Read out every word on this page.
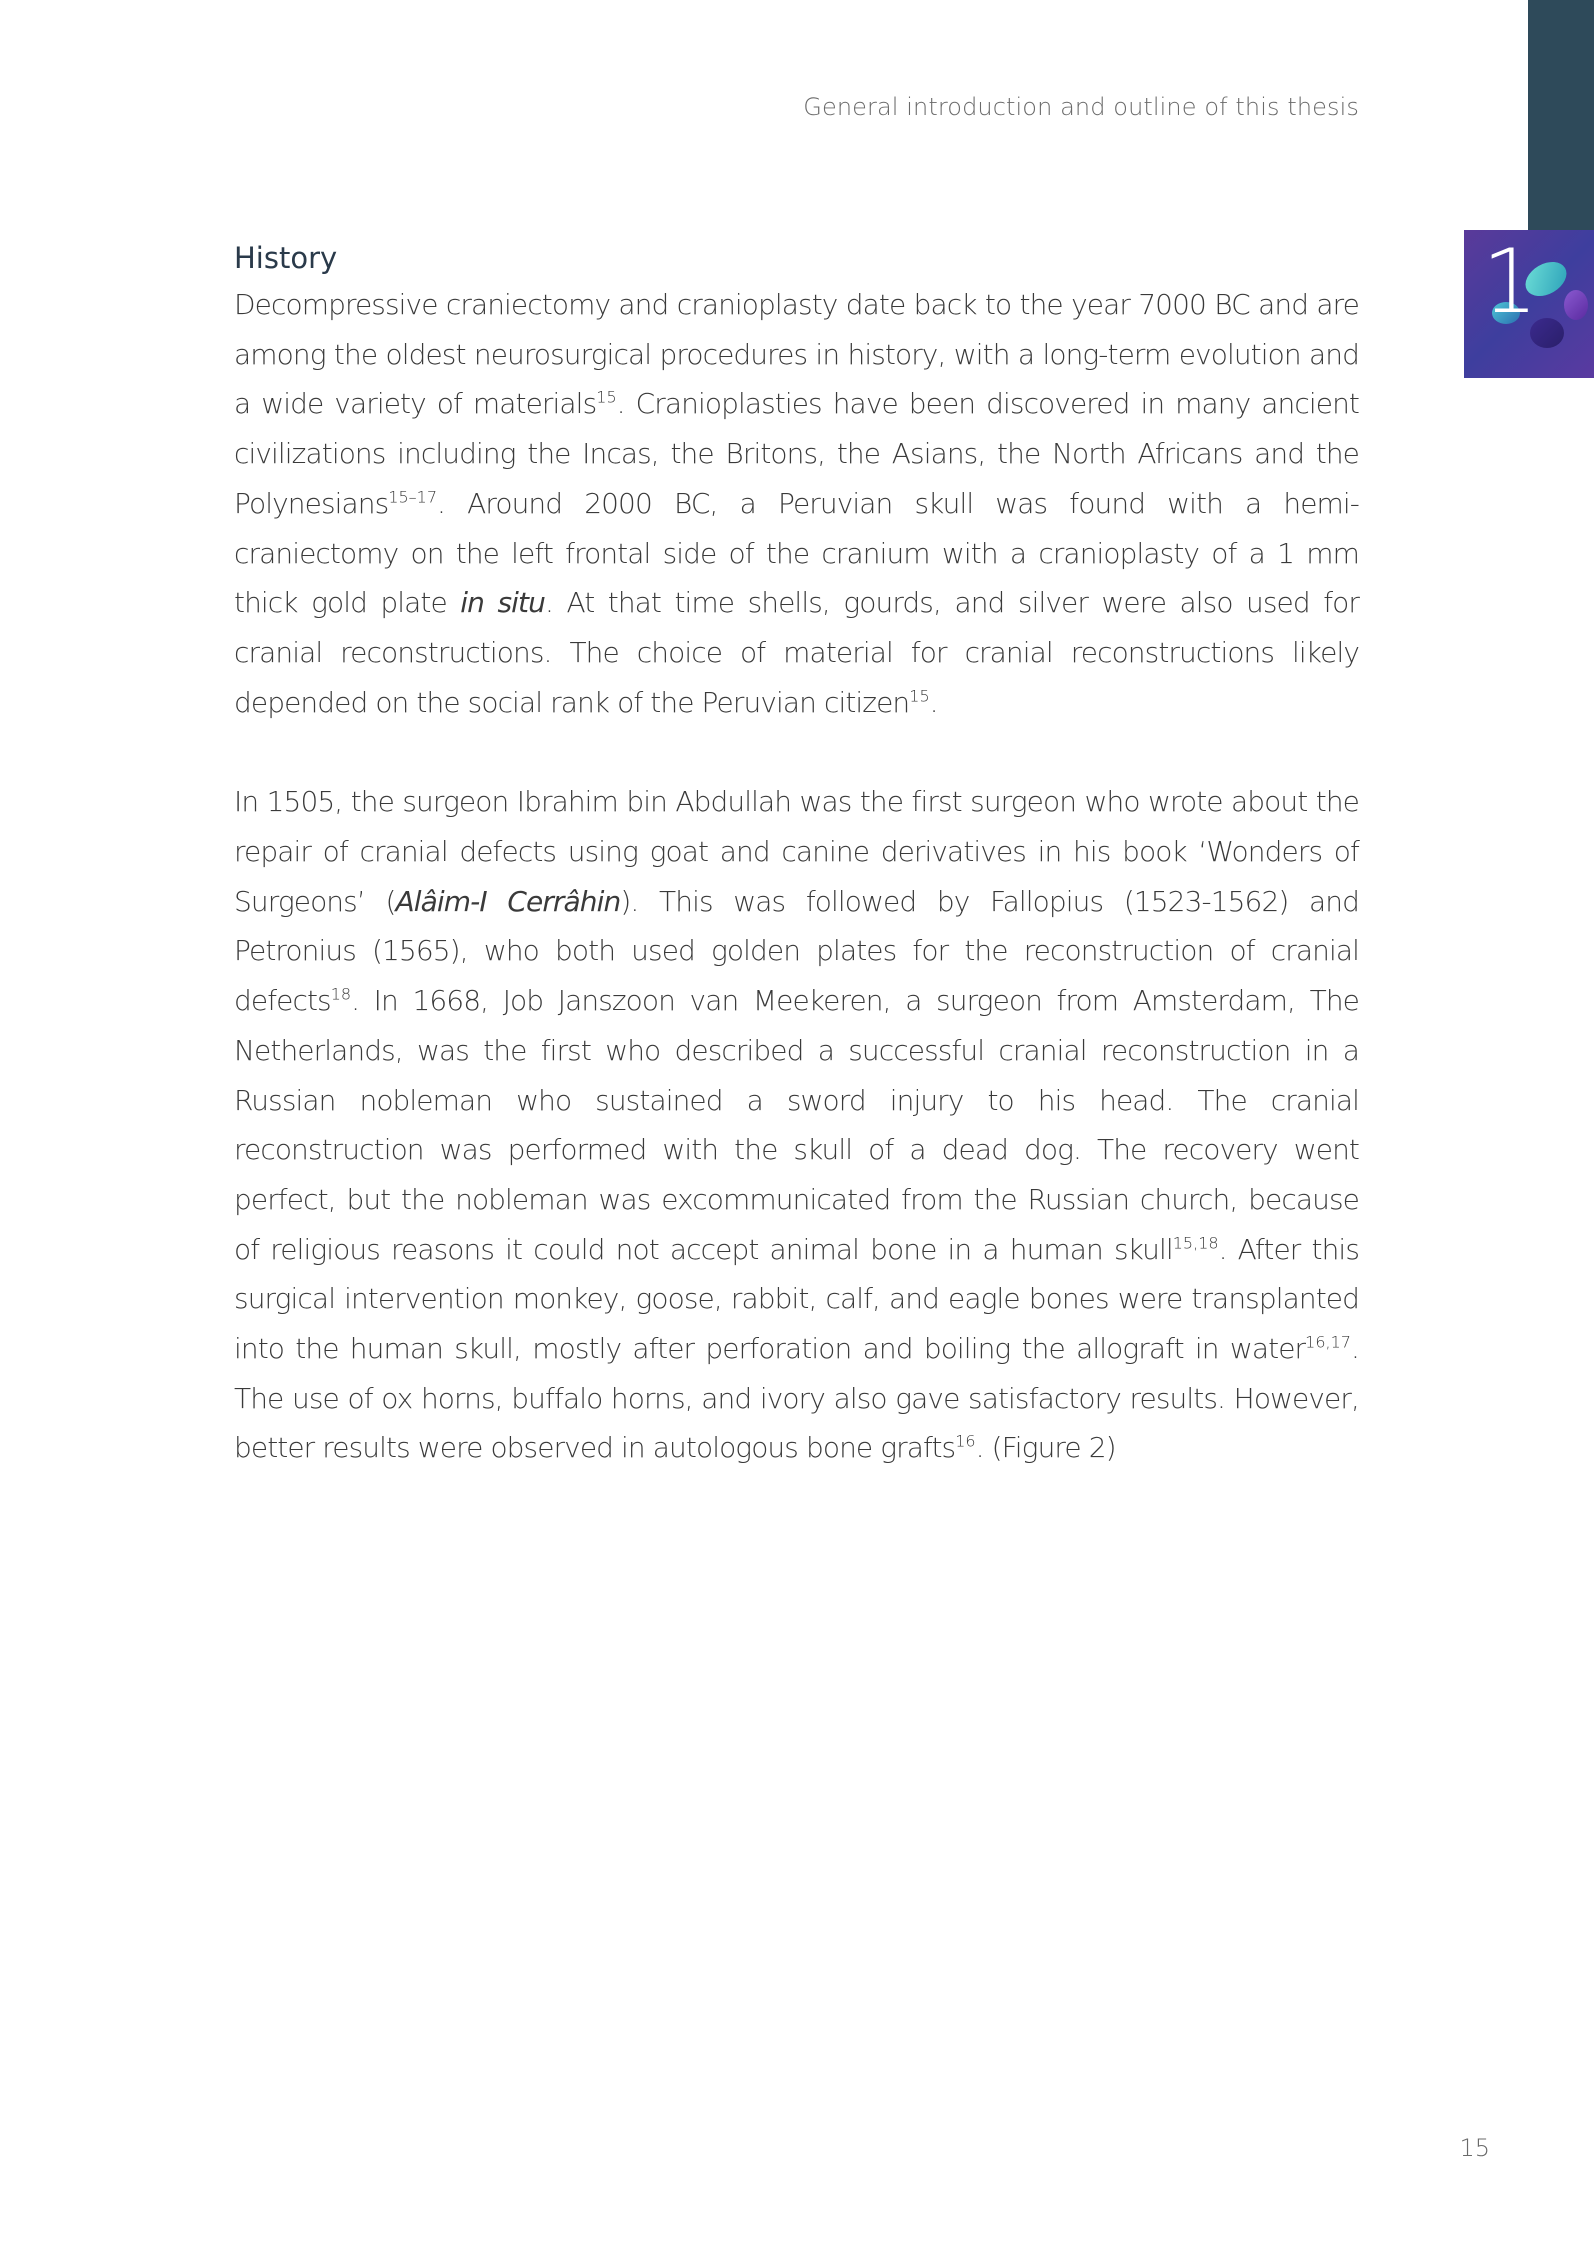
1
General introduction and outline of this thesis
History

Decompressive craniectomy and cranioplasty date back to the year 7000 BC and are among the oldest neurosurgical procedures in history, with a long-term evolution and a wide variety of materials$^{15}$. Cranioplasties have been discovered in many ancient civilizations including the Incas, the Britons, the Asians, the North Africans and the Polynesians$^{15-17}$. Around 2000 BC, a Peruvian skull was found with a hemi-craniectomy on the left frontal side of the cranium with a cranioplasty of a 1 mm thick gold plate in situ. At that time shells, gourds, and silver were also used for cranial reconstructions. The choice of material for cranial reconstructions likely depended on the social rank of the Peruvian citizen$^{15}$.

In 1505, the surgeon Ibrahim bin Abdullah was the first surgeon who wrote about the repair of cranial defects using goat and canine derivatives in his book ‘Wonders of Surgeons’ (Alâim-I Cerrâhin). This was followed by Fallopius (1523-1562) and Petronius (1565), who both used golden plates for the reconstruction of cranial defects$^{18}$. In 1668, Job Janszoon van Meekeren, a surgeon from Amsterdam, The Netherlands, was the first who described a successful cranial reconstruction in a Russian nobleman who sustained a sword injury to his head. The cranial reconstruction was performed with the skull of a dead dog. The recovery went perfect, but the nobleman was excommunicated from the Russian church, because of religious reasons it could not accept animal bone in a human skull$^{15,18}$. After this surgical intervention monkey, goose, rabbit, calf, and eagle bones were transplanted into the human skull, mostly after perforation and boiling the allograft in water$^{16,17}$. The use of ox horns, buffalo horns, and ivory also gave satisfactory results. However, better results were observed in autologous bone grafts$^{16}$. (Figure 2)

15
